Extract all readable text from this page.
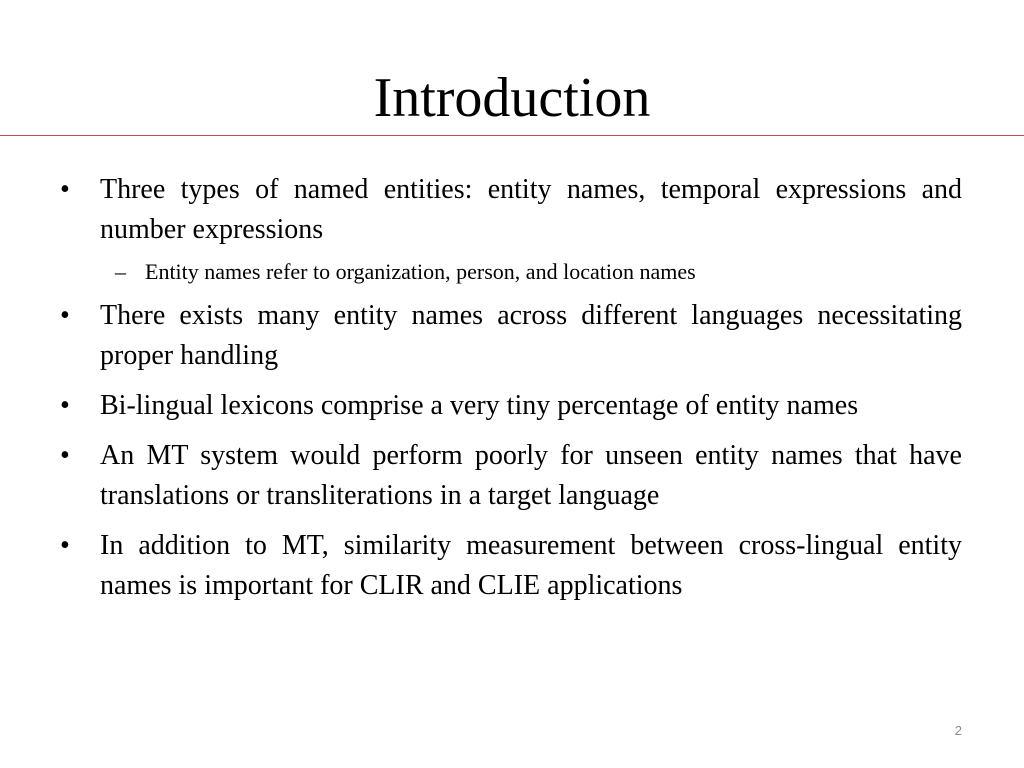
Introduction
•	Three types of named entities: entity names, temporal expressions and number expressions
– Entity names refer to organization, person, and location names
•	There exists many entity names across different languages necessitating proper handling
•	Bi-lingual lexicons comprise a very tiny percentage of entity names
•	An MT system would perform poorly for unseen entity names that have translations or transliterations in a target language
•	In addition to MT, similarity measurement between cross-lingual entity names is important for CLIR and CLIE applications
2
